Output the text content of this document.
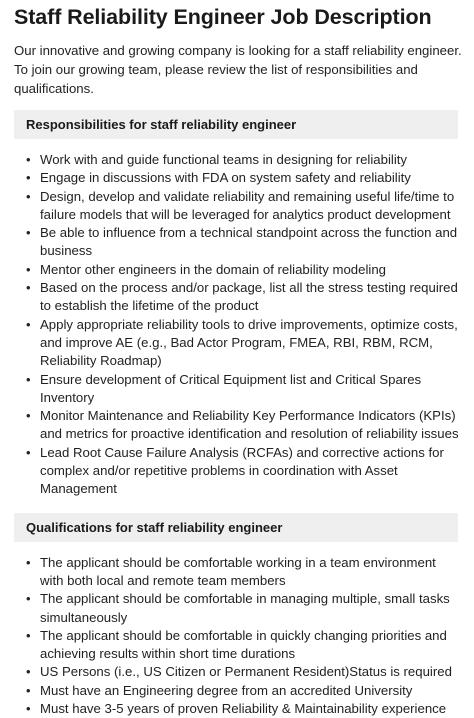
Staff Reliability Engineer Job Description

Our innovative and growing company is looking for a staff reliability engineer. To join our growing team, please review the list of responsibilities and qualifications.

Responsibilities for staff reliability engineer
• Work with and guide functional teams in designing for reliability
• Engage in discussions with FDA on system safety and reliability
• Design, develop and validate reliability and remaining useful life/time to failure models that will be leveraged for analytics product development
• Be able to influence from a technical standpoint across the function and business
• Mentor other engineers in the domain of reliability modeling
• Based on the process and/or package, list all the stress testing required to establish the lifetime of the product
• Apply appropriate reliability tools to drive improvements, optimize costs, and improve AE (e.g., Bad Actor Program, FMEA, RBI, RBM, RCM, Reliability Roadmap)
• Ensure development of Critical Equipment list and Critical Spares Inventory
• Monitor Maintenance and Reliability Key Performance Indicators (KPIs) and metrics for proactive identification and resolution of reliability issues
• Lead Root Cause Failure Analysis (RCFAs) and corrective actions for complex and/or repetitive problems in coordination with Asset Management
Qualifications for staff reliability engineer
• The applicant should be comfortable working in a team environment with both local and remote team members
• The applicant should be comfortable in managing multiple, small tasks simultaneously
• The applicant should be comfortable in quickly changing priorities and achieving results within short time durations
• US Persons (i.e., US Citizen or Permanent Resident)Status is required
• Must have an Engineering degree from an accredited University
• Must have 3-5 years of proven Reliability & Maintainability experience
